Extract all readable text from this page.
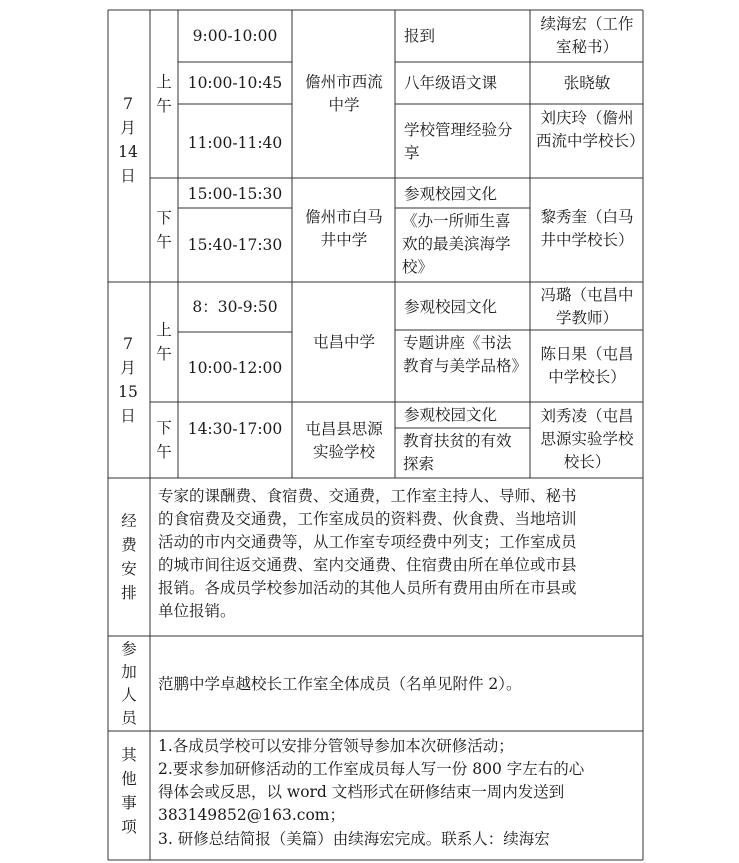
7
月
14
日
上
午
9:00-10:00
10:00-10:45
11:00-11:40
儋州市西流中学
报到
八年级语文课
学校管理经验分享
续海宏（工作室秘书）
张晓敏
刘庆玲（儋州西流中学校长）
下
午
15:00-15:30
15:40-17:30
儋州市白马井中学
参观校园文化
《办一所师生喜欢的最美滨海学校》
黎秀奎（白马井中学校长）
7
月
15
日
上
午
8：30-9:50
10:00-12:00
屯昌中学
参观校园文化
专题讲座《书法教育与美学品格》
冯璐（屯昌中学教师）
陈日果（屯昌中学校长）
下
午
14:30-17:00	屯昌县思源实验学校
参观校园文化
教育扶贫的有效探索
刘秀凌（屯昌思源实验学校校长）
经
费
安
排
专家的课酬费、食宿费、交通费，工作室主持人、导师、秘书
的食宿费及交通费，工作室成员的资料费、伙食费、当地培训
活动的市内交通费等，从工作室专项经费中列支；工作室成员
的城市间往返交通费、室内交通费、住宿费由所在单位或市县
报销。各成员学校参加活动的其他人员所有费用由所在市县或
单位报销。
参
加
人
员
范鹏中学卓越校长工作室全体成员（名单见附件 2）。
其
他
事
项
1.各成员学校可以安排分管领导参加本次研修活动；
2.要求参加研修活动的工作室成员每人写一份 800 字左右的心
得体会或反思，以 word 文档形式在研修结束一周内发送到
383149852@163.com；
3. 研修总结简报（美篇）由续海宏完成。联系人：续海宏
